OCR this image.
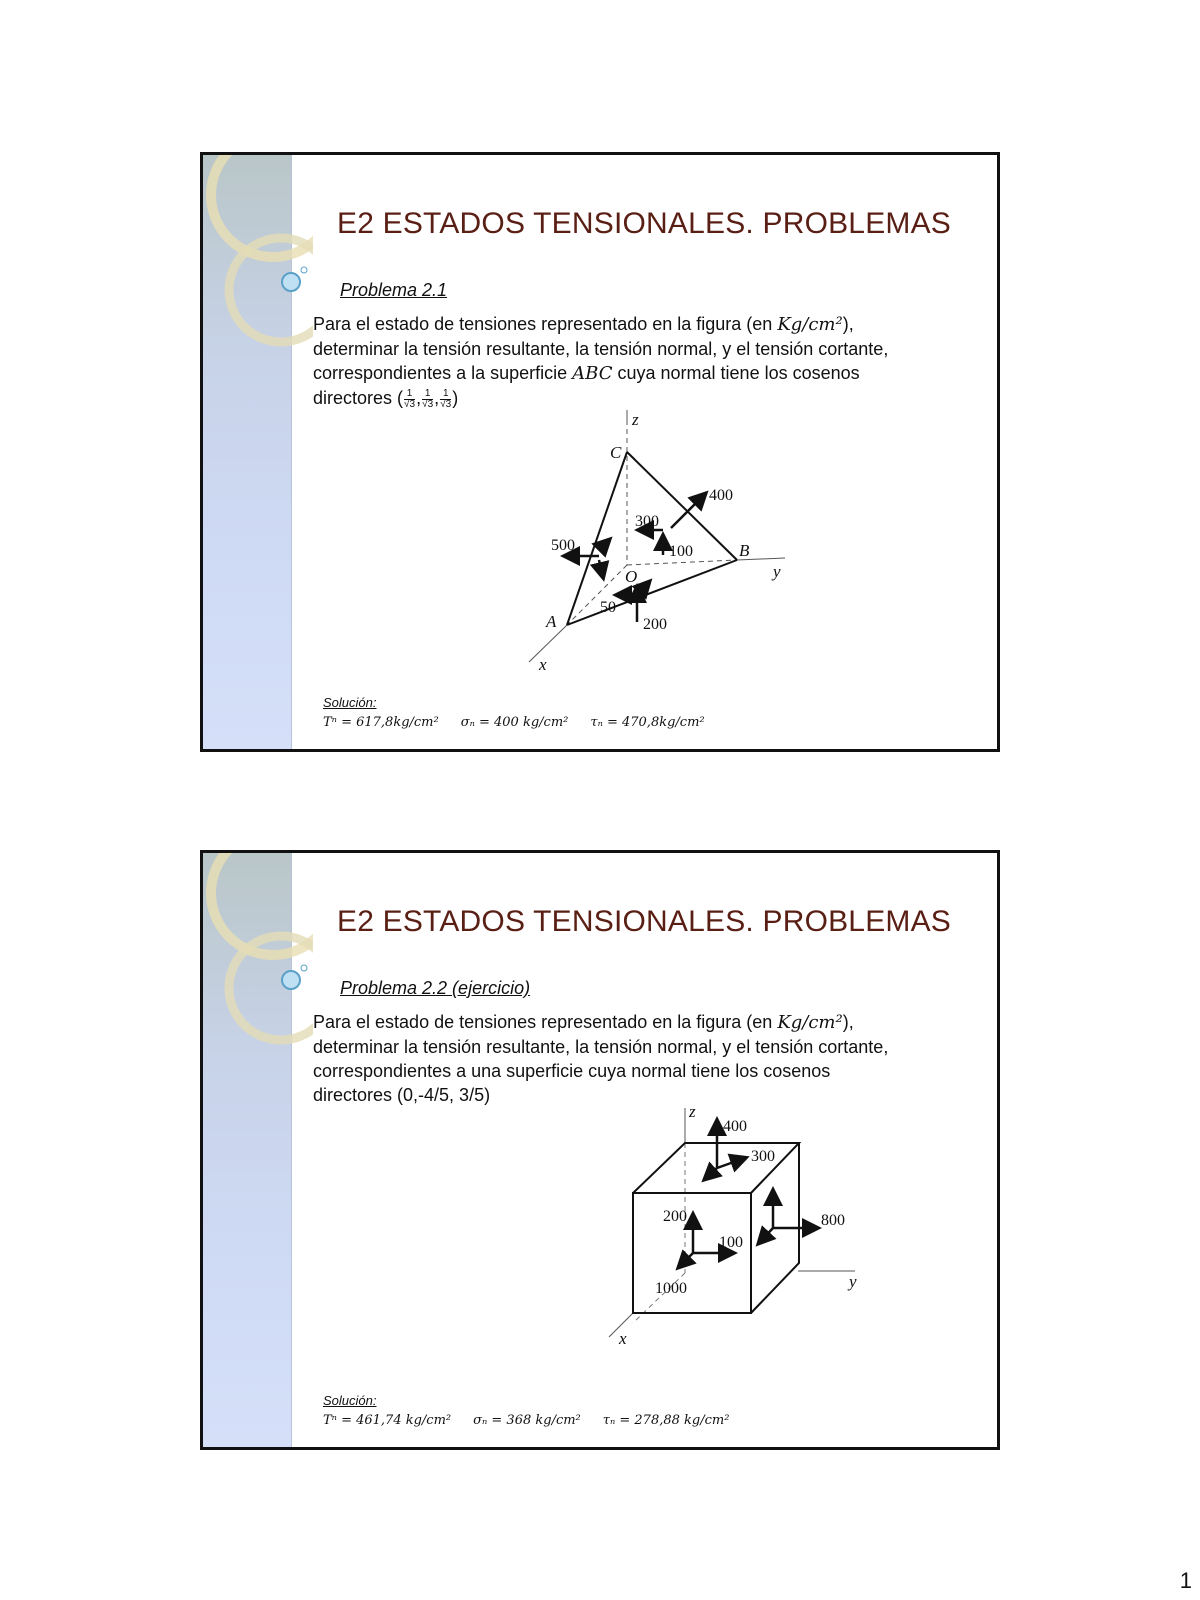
E2 ESTADOS TENSIONALES. PROBLEMAS

Problema 2.1

Para el estado de tensiones representado en la figura (en Kg/cm²),
determinar la tensión resultante, la tensión normal, y el tensión cortante,
correspondientes a la superficie ABC cuya normal tiene los cosenos
directores ( $\frac{1}{√3}$ , $\frac{1}{√3}$ , $\frac{1}{√3}$ )

z
C
400
300
100	B
y
500
O
50
A	200
x

Solución:

Tⁿ = 617,8kg/cm² σₙ = 400 kg/cm² τₙ = 470,8kg/cm²

E2 ESTADOS TENSIONALES. PROBLEMAS

Problema 2.2 (ejercicio)

Para el estado de tensiones representado en la figura (en Kg/cm²),
determinar la tensión resultante, la tensión normal, y el tensión cortante,
correspondientes a una superficie cuya normal tiene los cosenos
directores (0,-4/5, 3/5)

z
400
300
800
200
100
1000	y
x

Solución:

Tⁿ = 461,74 kg/cm² σₙ = 368 kg/cm² τₙ = 278,88 kg/cm²

1
